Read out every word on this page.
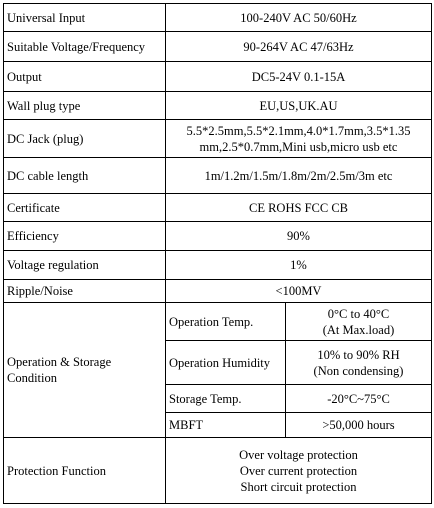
Universal Input	100-240V AC 50/60Hz	
Suitable Voltage/Frequency	90-264V AC 47/63Hz	
Output	DC5-24V 0.1-15A	
Wall plug type	EU,US,UK.AU	
DC Jack (plug)	5.5*2.5mm,5.5*2.1mm,4.0*1.7mm,3.5*1.35
mm,2.5*0.7mm,Mini usb,micro usb etc	

DC cable length	1m/1.2m/1.5m/1.8m/2m/2.5m/3m etc	
Certificate	CE ROHS FCC CB	
Efficiency	90%	
Voltage regulation	1%	
Ripple/Noise	<100MV	

Operation & Storage
Condition	Operation Temp.	0°C to 40°C
(At Max.load)

	Operation Humidity	10% to 90% RH
(Non condensing)

	Storage Temp.	-20°C~75°C
	MBFT	>50,000 hours
Protection Function	Over voltage protection
Over current protection
Short circuit protection	
